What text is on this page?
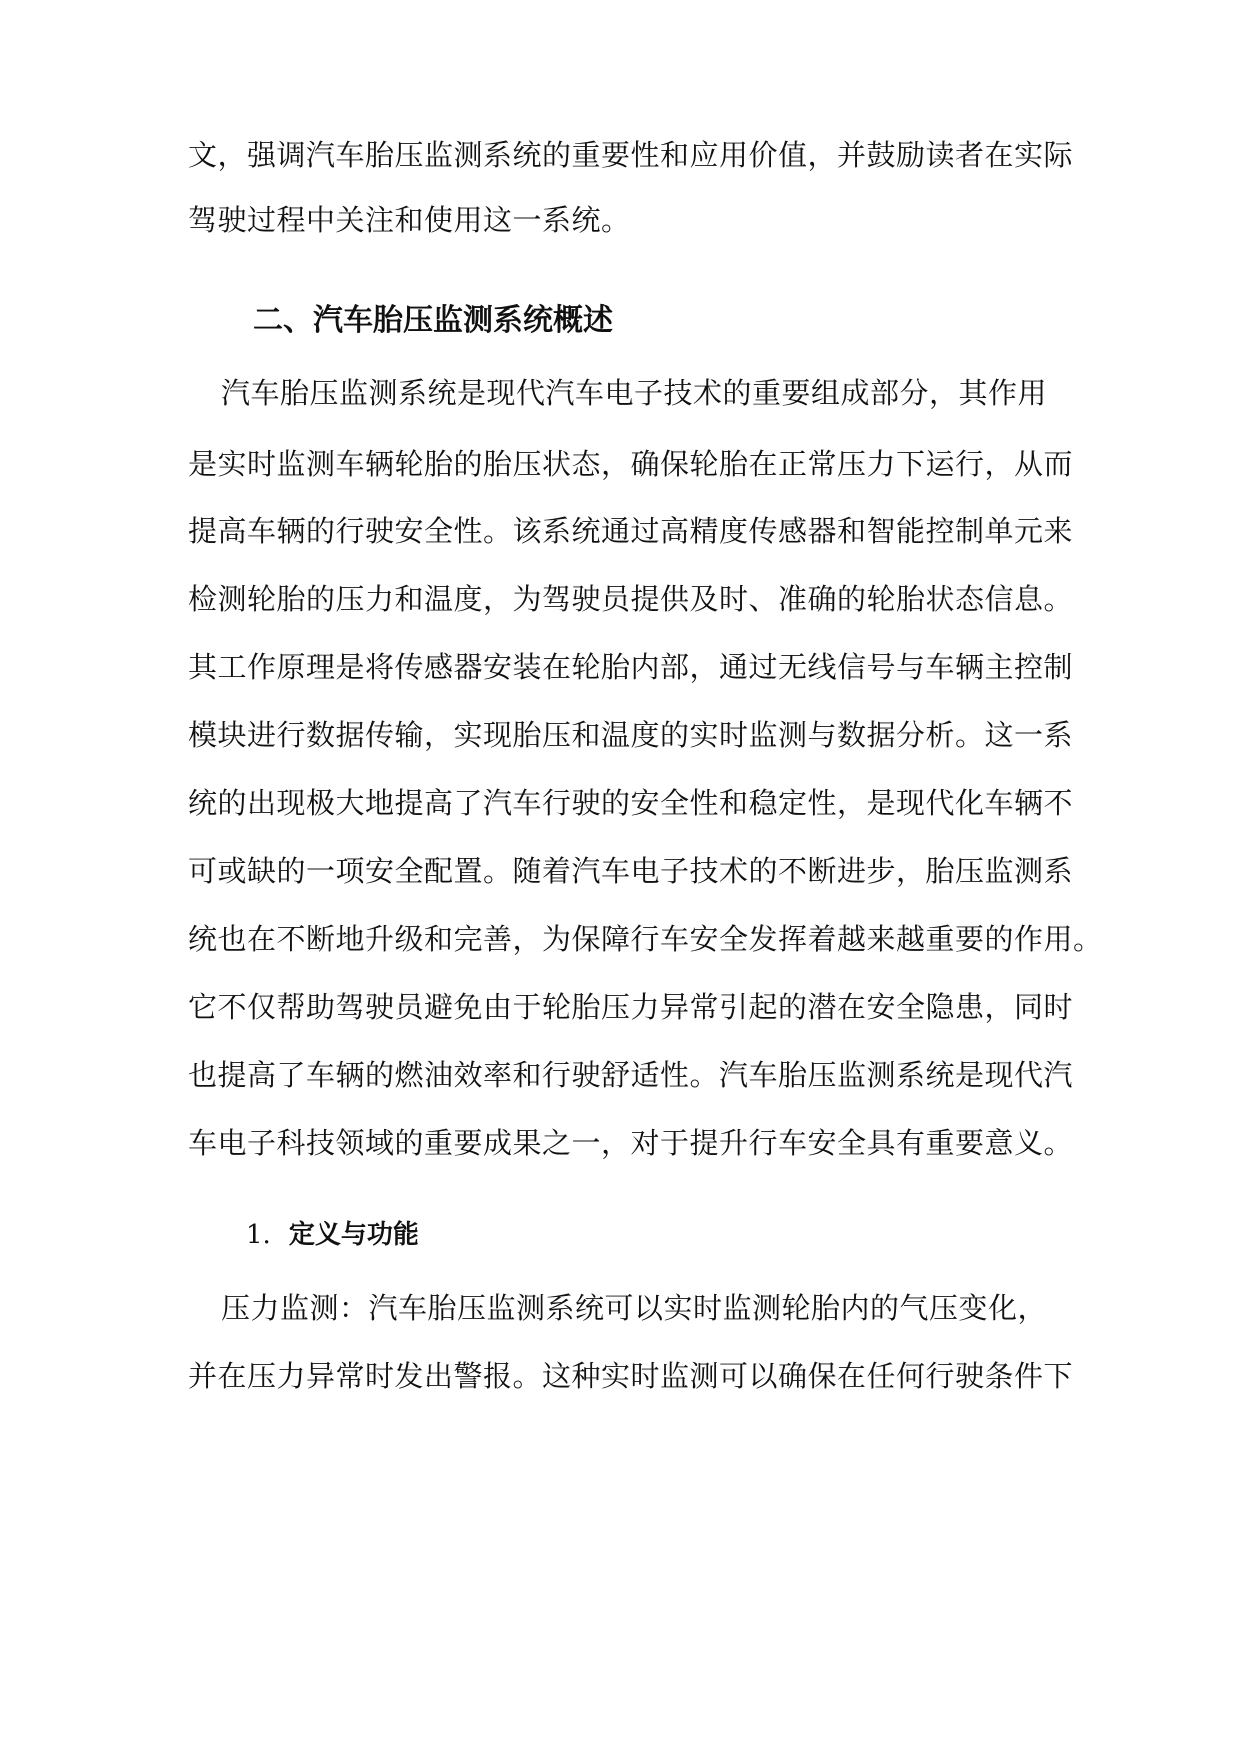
文，强调汽车胎压监测系统的重要性和应用价值，并鼓励读者在实际
驾驶过程中关注和使用这一系统。
二、汽车胎压监测系统概述
汽车胎压监测系统是现代汽车电子技术的重要组成部分，其作用
是实时监测车辆轮胎的胎压状态，确保轮胎在正常压力下运行，从而
提高车辆的行驶安全性。该系统通过高精度传感器和智能控制单元来
检测轮胎的压力和温度，为驾驶员提供及时、准确的轮胎状态信息。
其工作原理是将传感器安装在轮胎内部，通过无线信号与车辆主控制
模块进行数据传输，实现胎压和温度的实时监测与数据分析。这一系
统的出现极大地提高了汽车行驶的安全性和稳定性，是现代化车辆不
可或缺的一项安全配置。随着汽车电子技术的不断进步，胎压监测系
统也在不断地升级和完善，为保障行车安全发挥着越来越重要的作用。
它不仅帮助驾驶员避免由于轮胎压力异常引起的潜在安全隐患，同时
也提高了车辆的燃油效率和行驶舒适性。汽车胎压监测系统是现代汽
车电子科技领域的重要成果之一，对于提升行车安全具有重要意义。
1. 定义与功能
压力监测：汽车胎压监测系统可以实时监测轮胎内的气压变化，
并在压力异常时发出警报。这种实时监测可以确保在任何行驶条件下
